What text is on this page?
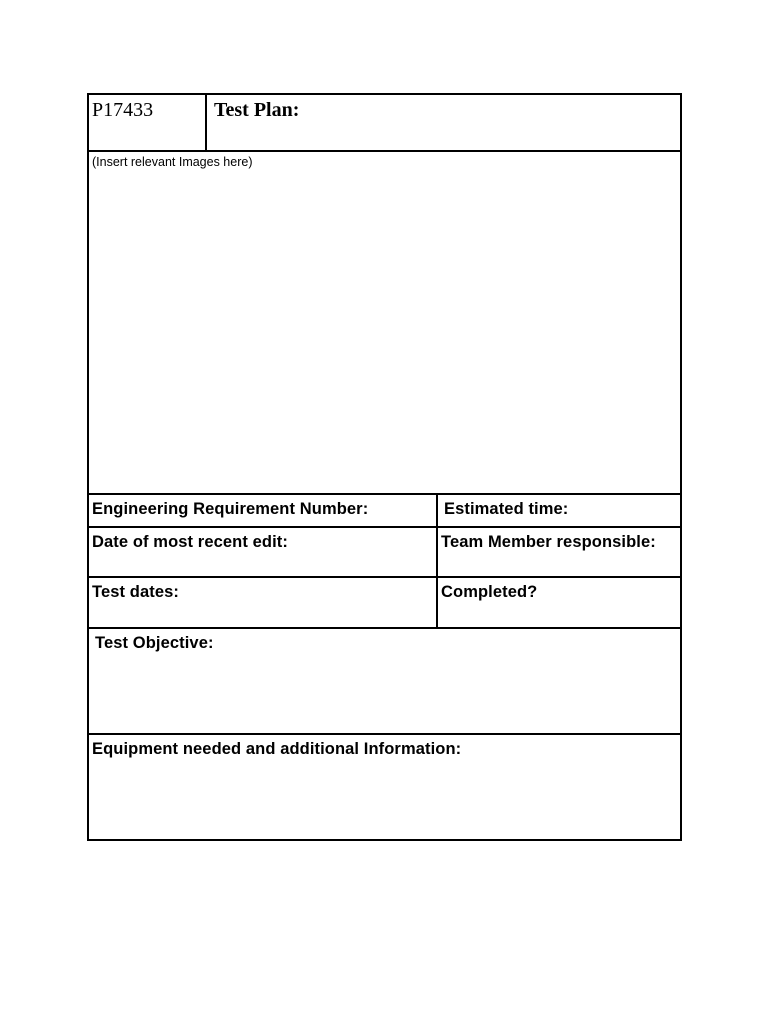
P17433	Test Plan:
(Insert relevant Images here)
Engineering Requirement Number:	Estimated time:
Date of most recent edit:	Team Member responsible:
Test dates:	Completed?
Test Objective:
Equipment needed and additional Information:
